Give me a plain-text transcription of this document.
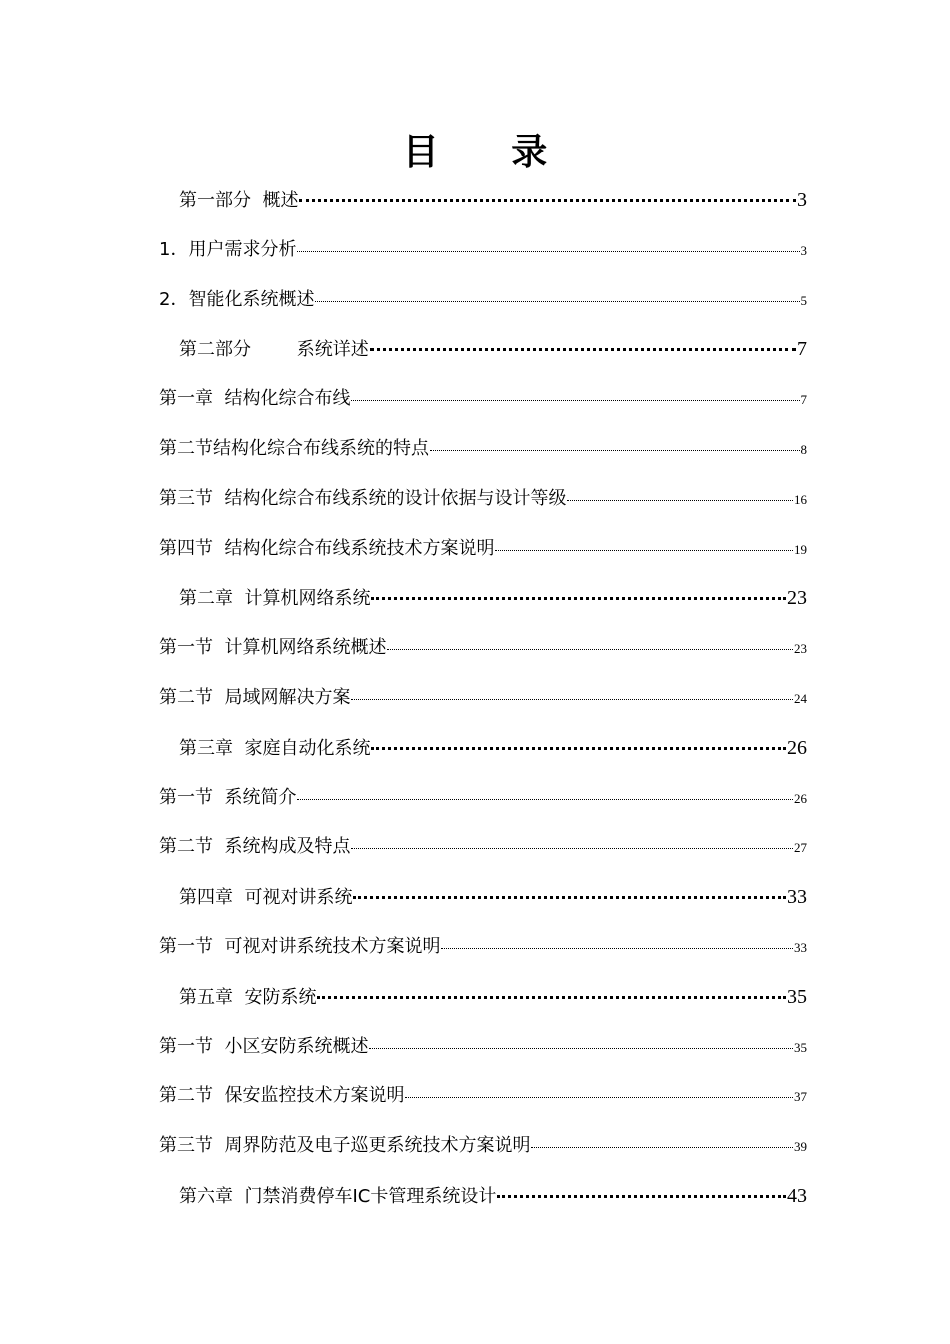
目 录
第一部分  概述	3
1．用户需求分析	3
2．智能化系统概述	5
第二部分        系统详述	7
第一章  结构化综合布线	7
第二节结构化综合布线系统的特点	8
第三节  结构化综合布线系统的设计依据与设计等级	16
第四节  结构化综合布线系统技术方案说明	19
第二章  计算机网络系统	23
第一节  计算机网络系统概述	23
第二节  局域网解决方案	24
第三章  家庭自动化系统	26
第一节  系统简介	26
第二节  系统构成及特点	27
第四章  可视对讲系统	33
第一节  可视对讲系统技术方案说明	33
第五章  安防系统	35
第一节  小区安防系统概述	35
第二节  保安监控技术方案说明	37
第三节  周界防范及电子巡更系统技术方案说明	39
第六章  门禁消费停车IC卡管理系统设计	43
